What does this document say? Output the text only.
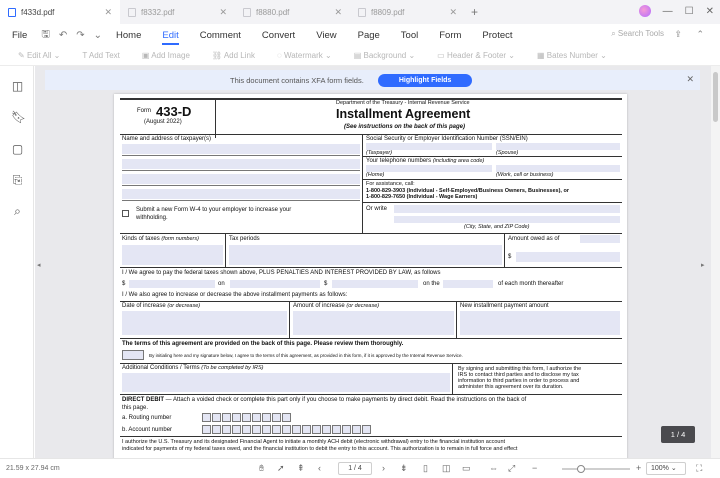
f433d.pdf	✕	f8332.pdf	✕	f8880.pdf	✕	f8809.pdf	✕ +	— ☐ ✕
File 🖫 ↶ ↷ ⌄ Home Edit Comment Convert View Page Tool Form Protect	⌕ Search Tools ⇪ ⌃
✎ Edit All ⌄	T Add Text	▣ Add Image	⛓ Add Link	◌ Watermark ⌄	▤ Background ⌄	▭ Header & Footer ⌄	▦ Bates Number ⌄
◫
🔖︎
▢
⎘
⌕
This document contains XFA form fields.	Highlight Fields	✕
◂	▸
Form 433-D
(August 2022)
Department of the Treasury - Internal Revenue Service
Installment Agreement
(See instructions on the back of this page)
Name and address of taxpayer(s)	Social Security or Employer Identification Number (SSN/EIN)
(Taxpayer)	(Spouse)
Your telephone numbers (including area code)
(Home)	(Work, cell or business)
For assistance, call:
1-800-829-3903 (Individual - Self-Employed/Business Owners, Businesses), or
1-800-829-7650 (Individual - Wage Earners)
Or write
(City, State, and ZIP Code)
Submit a new Form W-4 to your employer to increase your
withholding.
Kinds of taxes (form numbers)	Tax periods	Amount owed as of
$
I / We agree to pay the federal taxes shown above, PLUS PENALTIES AND INTEREST PROVIDED BY LAW, as follows
$	on	$	on the	of each month thereafter
I / We also agree to increase or decrease the above installment payments as follows:
Date of increase (or decrease)	Amount of increase (or decrease)	New installment payment amount
The terms of this agreement are provided on the back of this page. Please review them thoroughly.
By initialing here and my signature below, I agree to the terms of this agreement, as provided in this form, if it is approved by the Internal Revenue Service.
Additional Conditions / Terms (To be completed by IRS)	By signing and submitting this form, I authorize the
IRS to contact third parties and to disclose my tax
information to third parties in order to process and
administer this agreement over its duration.
DIRECT DEBIT — Attach a voided check or complete this part only if you choose to make payments by direct debit. Read the instructions on the back of
this page.
a. Routing number
b. Account number
I authorize the U.S. Treasury and its designated Financial Agent to initiate a monthly ACH debit (electronic withdrawal) entry to the financial institution account
indicated for payments of my federal taxes owed, and the financial institution to debit the entry to this account. This authorization is to remain in full force and effect
1 / 4
21.59 x 27.94 cm	✋︎ ➚ ⇞ ‹	1 / 4	› ⇟ ▯ ◫ ▭ ⇔ ⤢ −	+	100% ⌄	⛶
